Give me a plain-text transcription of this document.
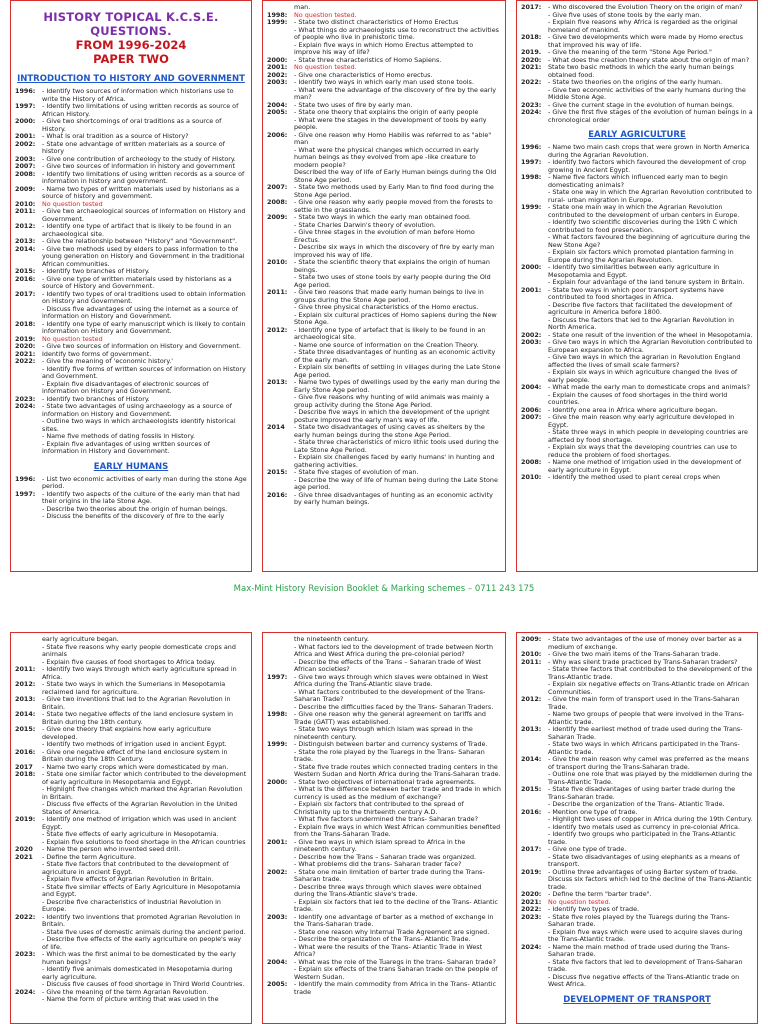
HISTORY TOPICAL K.C.S.E. QUESTIONS.
FROM 1996-2024
PAPER TWO
INTRODUCTION TO HISTORY AND GOVERNMENT
1996:	- Identify two sources of information which historians use to write the History of Africa.
1997:	- Identify two limitations of using written records as source of African History.
2000:	- Give two shortcomings of oral traditions as a source of History.
2001:	- What is oral tradition as a source of History?
2002:	- State one advantage of written materials as a source of history
2003:	- Give one contribution of archeology to the study of History.
2007:	- Give two sources of information in history and government
2008:	- Identify two limitations of using written records as a source of information in history and government.
2009:	- Name two types of written materials used by historians as a source of history and government.
2010:	No question tested
2011:	- Give two archaeological sources of information on History and Government.
2012:	- Identify one type of artifact that is likely to be found in an archaeological site.
2013:	- Give the relationship between "History" and "Government".
2014:	- Give two methods used by elders to pass information to the young generation on History and Government in the traditional African communities.
2015:	- Identify two branches of History.
2016:	- Give one type of written materials used by historians as a source of History and Government.
2017:	- Identify two types of oral traditions used to obtain information on History and Government.
- Discuss five advantages of using the internet as a source of information on History and Government.
2018:	- Identify one type of early manuscript which is likely to contain information on History and Government.
2019:	No question tested
2020:	- Give two sources of information on History and Government.
2021:	Identify two forms of government.
2022:	- Give the meaning of 'economic history.'
- Identify five forms of written sources of information on History and Government.
- Explain five disadvantages of electronic sources of information on History and Government.
2023:	- Identify two branches of History.
2024:	- State two advantages of using archaeology as a source of information on History and Government.
- Outline two ways in which archaeologists identify historical sites.
- Name five methods of dating fossils in History.
- Explain five advantages of using written sources of information in History and Government.
EARLY HUMANS
1996:	- List two economic activities of early man during the stone Age period.
1997:	- Identify two aspects of the culture of the early man that had their origins in the late Stone Age.
- Describe two theories about the origin of human beings.
- Discuss the benefits of the discovery of fire to the early
man.
1998:	No question tested.
1999:	- State two distinct characteristics of Homo Erectus
- What things do archaeologists use to reconstruct the activities of people who live in prehistoric time.
- Explain five ways in which Homo Erectus attempted to improve his way of life?
2000:	- State three characteristics of Homo Sapiens.
2001:	No question tested.
2002:	- Give one characteristics of Homo erectus.
2003:	- Identify two ways in which early man used stone tools.
- What were the advantage of the discovery of fire by the early man?
2004:	- State two uses of fire by early man.
2005:	- State one theory that explains the origin of early people
- What were the stages in the development of tools by early people.
2006:	- Give one reason why Homo Habilis was referred to as "able" man
- What were the physical changes which occurred in early human beings as they evolved from ape -like creature to modern people?
Described the way of life of Early Human beings during the Old Stone Age period.
2007:	- State two methods used by Early Man to find food during the Stone Age period.
2008:	- Give one reason why early people moved from the forests to settle in the grasslands.
2009:	- State two ways in which the early man obtained food.
- State Charles Darwin's theory of evolution.
- Give three stages in the evolution of man before Homo Erectus.
- Describe six ways in which the discovery of fire by early man improved his way of life.
2010:	- State the scientific theory that explains the origin of human beings.
- State two uses of stone tools by early people during the Old Age period.
2011:	- Give two reasons that made early human beings to live in groups during the Stone Age period.
- Give three physical characteristics of the Homo erectus.
- Explain six cultural practices of Homo sapiens during the New Stone Age.
2012:	- Identify one type of artefact that is likely to be found in an archaeological site.
- Name one source of information on the Creation Theory.
- State three disadvantages of hunting as an economic activity of the early man.
- Explain six benefits of settling in villages during the Late Stone Age period.
2013:	- Name two types of dwellings used by the early man during the Early Stone Age period.
- Give five reasons why hunting of wild animals was mainly a group activity during the Stone Age Period.
- Describe five ways in which the development of the upright posture improved the early man's way of life.
2014	- State two disadvantages of using caves as shelters by the early human beings during the stone Age Period.
- State three characteristics of micro lithic tools used during the Late Stone Age Period.
- Explain six challenges faced by early humans' in hunting and gathering activities.
2015:	- State five stages of evolution of man.
- Describe the way of life of human being during the Late Stone age period.
2016:	- Give three disadvantages of hunting as an economic activity by early human beings.
2017:	- Who discovered the Evolution Theory on the origin of man?
- Give five uses of stone tools by the early man.
- Explain five reasons why Africa is regarded as the original homeland of mankind.
2018:	- Give two developments which were made by Homo erectus that improved his way of life.
2019.	- Give the meaning of the term "Stone Age Period."
2020:	- What does the creation theory state about the origin of man?
2021:	State two basic methods in which the early human beings obtained food.
2022:	- State two theories on the origins of the early human.
- Give two economic activities of the early humans during the Middle Stone Age.
2023:	- Give the current stage in the evolution of human beings.
2024:	- Give the first five stages of the evolution of human beings in a chronological order
EARLY AGRICULTURE
1996:	- Name two main cash crops that were grown in North America during the Agrarian Revolution.
1997:	- Identify two factors which favoured the development of crop growing in Ancient Egypt.
1998:	- Name five factors which influenced early man to begin domesticating animals?
- State one way in which the Agrarian Revolution contributed to rural- urban migration in Europe.
1999:	- State one main way in which the Agrarian Revolution contributed to the development of urban centers in Europe.
- Identify two scientific discoveries during the 19th C which contributed to food preservation.
- What factors favoured the beginning of agriculture during the New Stone Age?
- Explain six factors which promoted plantation farming in Europe during the Agrarian Revolution.
2000:	- Identify two similarities between early agriculture in Mesopotamia and Egypt.
- Explain four advantage of the land tenure system in Britain.
2001:	- State two ways in which poor transport systems have contributed to food shortages in Africa.
- Describe five factors that facilitated the development of agriculture in America before 1800.
- Discuss the factors that led to the Agrarian Revolution in North America.
2002:	- State one result of the invention of the wheel in Mesopotamia.
2003:	- Give two ways in which the Agrarian Revolution contributed to European expansion to Africa.
- Give two ways in which the agrarian in Revolution England affected the lives of small scale farmers?
- Explain six ways in which agriculture changed the lives of early people.
2004:	- What made the early man to domesticate crops and animals?
- Explain the causes of food shortages in the third world countries.
2006:	- Identify one area in Africa where agriculture began.
2007:	- Give the main reason why early agriculture developed in Egypt.
- State three ways in which people in developing countries are affected by food shortage.
- Explain six ways that the developing countries can use to reduce the problem of food shortages.
2008:	- Name one method of irrigation used in the development of early agriculture in Egypt.
2010:	- Identify the method used to plant cereal crops when
Max-Mint History Revision Booklet & Marking schemes – 0711 243 175
early agriculture began.
- State five reasons why early people domesticate crops and animals
- Explain five causes of food shortages to Africa today.
2011:	- Identify two ways through which early agriculture spread in Africa.
2012:	- State two ways in which the Sumerians in Mesopotamia reclaimed land for agriculture.
2013:	- Give two inventions that led to the Agrarian Revolution in Britain.
2014:	- State two negative effects of the land enclosure system in Britain during the 18th century.
2015:	- Give one theory that explains how early agriculture developed.
- Identify two methods of irrigation used in ancient Egypt.
2016:	- Give one negative effect of the land enclosure system in Britain during the 18th Century.
2017	- Name two early crops which were domesticated by man.
2018:	- State one similar factor which contributed to the development of early agriculture in Mesopotamia and Egypt.
- Highlight five changes which marked the Agrarian Revolution in Britain.
- Discuss five effects of the Agrarian Revolution in the United States of America.
2019:	- Identify one method of irrigation which was used in ancient Egypt.
- State five effects of early agriculture in Mesopotamia.
- Explain five solutions to food shortage in the African countries
2020	- Name the person who invented seed drill.
2021	- Define the term Agriculture.
- State five factors that contributed to the development of agriculture in ancient Egypt.
- Explain five effects of Agrarian Revolution in Britain.
- State five similar effects of Early Agriculture in Mesopotamia and Egypt.
- Describe five characteristics of Industrial Revolution in Europe.
2022:	- Identify two inventions that promoted Agrarian Revolution in Britain.
- State five uses of domestic animals during the ancient period.
- Describe five effects of the early agriculture on people's way of life.
2023:	- Which was the first animal to be domesticated by the early human beings?
- Identify five animals domesticated in Mesopotamia during early agriculture.
- Discuss five causes of food shortage in Third World Countries.
2024:	- Give the meaning of the term Agrarian Revolution.
- Name the form of picture writing that was used in the
the nineteenth century.
- What factors led to the development of trade between North Africa and West Africa during the pre-colonial period?
- Describe the effects of the Trans – Saharan trade of West African societies?
1997:	- Give two ways through which slaves were obtained in West Africa during the Trans-Atlantic slave trade.
- What factors contributed to the development of the Trans-Saharan Trade?
- Describe the difficulties faced by the Trans- Saharan Traders.
1998:	- Give one reason why the general agreement on tariffs and Trade (GATT) was established.
- State two ways through which Islam was spread in the nineteenth century.
1999:	- Distinguish between barter and currency systems of Trade.
- State the role played by the Tuaregs in the Trans- Saharan trade.
- State five trade routes which connected trading centers in the Western Sudan and North Africa during the Trans-Saharan trade.
2000:	- State two objectives of international trade agreements.
- What is the difference between barter trade and trade in which currency is used as the medium of exchange?
- Explain six factors that contributed to the spread of Christianity up to the thirteenth century A.D.
- What five factors undermined the trans- Saharan trade?
- Explain five ways in which West African communities benefited from the Trans-Saharan Trade.
2001:	- Give two ways in which Islam spread to Africa in the nineteenth century.
- Describe how the Trans – Saharan trade was organized.
- What problems did the trans- Saharan trader face?
2002:	- State one main limitation of barter trade during the Trans- Saharan trade.
- Describe three ways through which slaves were obtained during the Trans-Atlantic slave's trade.
- Explain six factors that led to the decline of the Trans- Atlantic trade.
2003:	- Identify one advantage of barter as a method of exchange in the Trans-Saharan trade.
- State one reason why Internal Trade Agreement are signed.
- Describe the organization of the Trans- Atlantic Trade.
- What were the results of the Trans- Atlantic Trade in West Africa?
2004:	- What was the role of the Tuaregs in the trans- Saharan trade?
- Explain six effects of the trans Saharan trade on the people of Western Sudan.
2005:	- Identify the main commodity from Africa in the Trans- Atlantic trade
2009:	- State two advantages of the use of money over barter as a medium of exchange.
2010:	- Give the two main items of the Trans-Saharan trade.
2011:	- Why was silent trade practiced by Trans-Saharan traders?
- State three factors that contributed to the development of the Trans-Atlantic trade.
- Explain six negative effects on Trans-Atlantic trade on African Communities.
2012:	- Give the main form of transport used in the Trans-Saharan Trade.
- Name two groups of people that were involved in the Trans-Atlantic trade.
2013:	- Identify the earliest method of trade used during the Trans-Saharan Trade.
- State two ways in which Africans participated in the Trans-Atlantic trade.
2014:	- Give the main reason why camel was preferred as the means of transport during the Trans-Saharan trade.
- Outline one role that was played by the middlemen during the Trans-Atlantic Trade.
2015:	- State five disadvantages of using barter trade during the Trans-Saharan trade.
- Describe the organization of the Trans- Atlantic Trade.
2016:	- Mention one type of trade.
- Highlight two uses of copper in Africa during the 19th Century.
- Identify two metals used as currency in pre-colonial Africa.
- Identify two groups who participated in the Trans-Atlantic trade.
2017:	- Give one type of trade.
- State two disadvantages of using elephants as a means of transport.
2019:	- Outline three advantages of using Barter system of trade.
Discuss six factors which led to the decline of the Trans-Atlantic trade.
2020:	- Define the term "barter trade".
2021:	No question tested.
2022:	- Identify two types of trade.
2023:	- State five roles played by the Tuaregs during the Trans-Saharan trade.
- Explain five ways which were used to acquire slaves during the Trans-Atlantic trade.
2024:	- Name the main method of trade used during the Trans-Saharan trade.
- State five factors that led to development of Trans-Saharan trade.
- Discuss five negative effects of the Trans-Atlantic trade on West Africa.
DEVELOPMENT OF TRANSPORT
